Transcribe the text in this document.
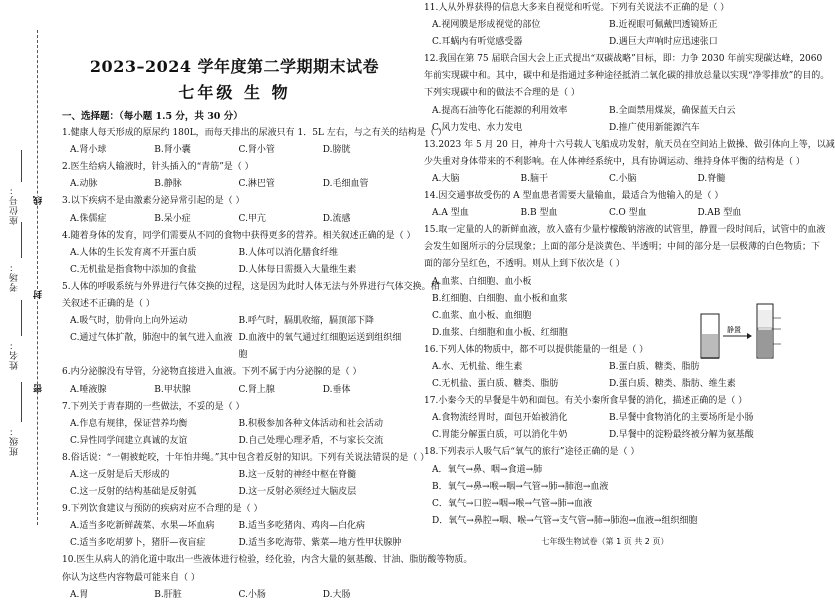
座位号：
考场：
姓名：
班级：
线
封
密
2023–2024 学年度第二学期期末试卷
七年级 生 物
一、选择题：（每小题 1.5 分，共 30 分）
1.健康人每天形成的原尿约 180L，而每天排出的尿液只有 1．5L 左右，与之有关的结构是（ ）
A.肾小球	B.肾小囊	C.肾小管	D.膀胱
2.医生给病人输液时，针头插入的“青筋”是（ ）
A.动脉	B.静脉	C.淋巴管	D.毛细血管
3.以下疾病不是由激素分泌异常引起的是（ ）
A.侏儒症	B.呆小症	C.甲亢	D.流感
4.随着身体的发育，同学们需要从不同的食物中获得更多的营养。相关叙述正确的是（ ）
A.人体的生长发育离不开蛋白质	B.人体可以消化膳食纤维
C.无机盐是指食物中添加的食盐	D.人体每日需摄入大量维生素
5.人体的呼吸系统与外界进行气体交换的过程，这是因为此时人体无法与外界进行气体交换。相
关叙述不正确的是（ ）
A.吸气时，肋骨向上向外运动	B.呼气时，膈肌收缩，膈顶部下降
C.通过气体扩散，肺泡中的氧气进入血液 D.血液中的氧气通过红细胞运送到组织细胞
6.内分泌腺没有导管，分泌物直接进入血液。下列不属于内分泌腺的是（ ）
A.唾液腺	B.甲状腺	C.肾上腺	D.垂体
7.下列关于青春期的一些做法，不妥的是（ ）
A.作息有规律，保证营养均衡	B.积极参加各种文体活动和社会活动
C.异性同学间建立真诚的友谊	D.自己处理心理矛盾，不与家长交流
8.俗话说：“一朝被蛇咬，十年怕井绳。”其中包含着反射的知识。下列有关说法错误的是（ ）
A.这一反射是后天形成的	B.这一反射的神经中枢在脊髓
C.这一反射的结构基础是反射弧	D.这一反射必须经过大脑皮层
9.下列饮食建议与预防的疾病对应不合理的是（ ）
A.适当多吃新鲜蔬菜、水果—坏血病	B.适当多吃猪肉、鸡肉—白化病
C.适当多吃胡萝卜，猪肝—夜盲症	D.适当多吃海带、紫菜—地方性甲状腺肿
10.医生从病人的消化道中取出一些液体进行检验，经化验，内含大量的氨基酸、甘油、脂肪酸等物质。
你认为这些内容物最可能来自（ ）
A.胃	B.肝脏	C.小肠	D.大肠
11.人从外界获得的信息大多来自视觉和听觉。下列有关说法不正确的是（ ）
A.视网膜是形成视觉的部位	B.近视眼可佩戴凹透镜矫正
C.耳蜗内有听觉感受器	D.遇巨大声响时应迅速张口
12.我国在第 75 届联合国大会上正式提出“双碳战略”目标，即：力争 2030 年前实现碳达峰，2060
年前实现碳中和。其中，碳中和是指通过多种途径抵消二氧化碳的排放总量以实现“净零排放”的目的。
下列实现碳中和的做法不合理的是（ ）
A.提高石油等化石能源的利用效率	B.全面禁用煤炭，确保蓝天白云
C.风力发电、水力发电	D.推广使用新能源汽车
13.2023 年 5 月 20 日，神舟十六号载人飞船成功发射，航天员在空间站上做操、做引体向上等，以减
少失重对身体带来的不利影响。在人体神经系统中，具有协调运动、维持身体平衡的结构是（ ）
A.大脑	B.脑干	C.小脑	D.脊髓
14.因交通事故受伤的 A 型血患者需要大量输血，最适合为他输入的是（ ）
A.A 型血	B.B 型血	C.O 型血	D.AB 型血
15.取一定量的人的新鲜血液，放入盛有少量柠檬酸钠溶液的试管里，静置一段时间后，试管中的血液
会发生如图所示的分层现象；上面的部分是淡黄色、半透明；中间的部分是一层极薄的白色物质；下
面的部分呈红色，不透明。则从上到下依次是（ ）
A.血浆、白细胞、血小板
B.红细胞、白细胞、血小板和血浆
C.血浆、血小板、血细胞
D.血浆、白细胞和血小板、红细胞
16.下列人体的物质中，都不可以提供能量的一组是（ ）
A.水、无机盐、维生素	B.蛋白质、糖类、脂肪
C.无机盐、蛋白质、糖类、脂肪	D.蛋白质、糖类、脂肪、维生素
17.小秦今天的早餐是牛奶和面包。有关小秦所食早餐的消化，描述正确的是（ ）
A.食物流经胃时，面包开始被消化	B.早餐中食物消化的主要场所是小肠
C.胃能分解蛋白质，可以消化牛奶	D.早餐中的淀粉最终被分解为氨基酸
18.下列表示人吸气后“氧气的旅行”途径正确的是（ ）
A．氧气→鼻、咽→食道→肺
B．氧气→鼻→喉→咽→气管→肺→肺泡→血液
C．氧气→口腔→咽→喉→气管→肺→血液
D．氧气→鼻腔→咽、喉→气管→支气管→肺→肺泡→血液→组织细胞
静置
七年级生物试卷（第 1 页 共 2 页）
